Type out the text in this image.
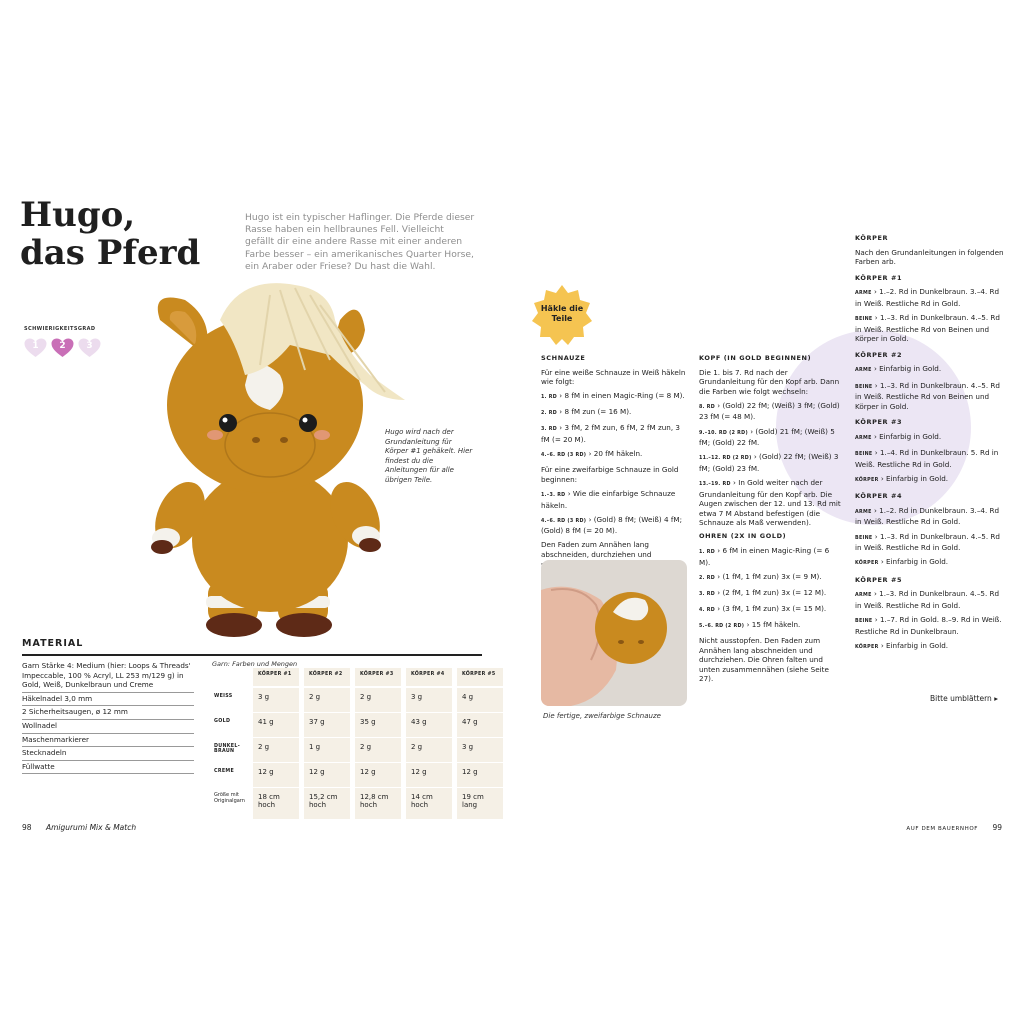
Hugo,
das Pferd

Hugo ist ein typischer Haflinger. Die Pferde dieser Rasse haben ein hellbraunes Fell. Vielleicht gefällt dir eine andere Rasse mit einer anderen Farbe besser – ein amerikanisches Quarter Horse, ein Araber oder Friese? Du hast die Wahl.

SCHWIERIGKEITSGRAD
1	2	3

Hugo wird nach der Grundanleitung für Körper #1 gehäkelt. Hier findest du die Anleitungen für alle übrigen Teile.

MATERIAL
Garn Stärke 4: Medium (hier: Loops & Threads' Impeccable, 100 % Acryl, LL 253 m/129 g) in Gold, Weiß, Dunkelbraun und Creme
Häkelnadel 3,0 mm
2 Sicherheitsaugen, ø 12 mm
Wollnadel
Maschenmarkierer
Stecknadeln
Füllwatte
Garn: Farben und Mengen
	KÖRPER #1		KÖRPER #2		KÖRPER #3		KÖRPER #4		KÖRPER #5
WEISS	3 g		2 g		2 g		3 g		4 g
GOLD	41 g		37 g		35 g		43 g		47 g
DUNKEL-BRAUN	2 g		1 g		2 g		2 g		3 g
CREME	12 g		12 g		12 g		12 g		12 g
Größe mit Originalgarn	18 cm hoch		15,2 cm hoch		12,8 cm hoch		14 cm hoch		19 cm lang
98 Amigurumi Mix & Match
Häkle die Teile
SCHNAUZE

Für eine weiße Schnauze in Weiß häkeln wie folgt:

1. RD › 8 fM in einen Magic-Ring (= 8 M).

2. RD › 8 fM zun (= 16 M).

3. RD › 3 fM, 2 fM zun, 6 fM, 2 fM zun, 3 fM (= 20 M).

4.–6. RD (3 RD) › 20 fM häkeln.

Für eine zweifarbige Schnauze in Gold beginnen:

1.–3. RD › Wie die einfarbige Schnauze häkeln.

4.–6. RD (3 RD) › (Gold) 8 fM; (Weiß) 4 fM; (Gold) 8 fM (= 20 M).

Den Faden zum Annähen lang abschneiden, durchziehen und

Die fertige, zweifarbige Schnauze
KOPF (IN GOLD BEGINNEN)

Die 1. bis 7. Rd nach der Grundanleitung für den Kopf arb. Dann die Farben wie folgt wechseln:

8. RD › (Gold) 22 fM; (Weiß) 3 fM; (Gold) 23 fM (= 48 M).

9.–10. RD (2 RD) › (Gold) 21 fM; (Weiß) 5 fM; (Gold) 22 fM.

11.–12. RD (2 RD) › (Gold) 22 fM; (Weiß) 3 fM; (Gold) 23 fM.

13.–19. RD › In Gold weiter nach der Grundanleitung für den Kopf arb. Die Augen zwischen der 12. und 13. Rd mit etwa 7 M Abstand befestigen (die Schnauze als Maß verwenden).

OHREN (2X IN GOLD)

1. RD › 6 fM in einen Magic-Ring (= 6 M).

2. RD › (1 fM, 1 fM zun) 3x (= 9 M).

3. RD › (2 fM, 1 fM zun) 3x (= 12 M).

4. RD › (3 fM, 1 fM zun) 3x (= 15 M).

5.–6. RD (2 RD) › 15 fM häkeln.

Nicht ausstopfen. Den Faden zum Annähen lang abschneiden und durchziehen. Die Ohren falten und unten zusammennähen (siehe Seite 27).

KÖRPER

Nach den Grundanleitungen in folgenden Farben arb.

KÖRPER #1

ARME › 1.–2. Rd in Dunkelbraun. 3.–4. Rd in Weiß. Restliche Rd in Gold.

BEINE › 1.–3. Rd in Dunkelbraun. 4.–5. Rd in Weiß. Restliche Rd von Beinen und Körper in Gold.

KÖRPER #2

ARME › Einfarbig in Gold.

BEINE › 1.–3. Rd in Dunkelbraun. 4.–5. Rd in Weiß. Restliche Rd von Beinen und Körper in Gold.

KÖRPER #3

ARME › Einfarbig in Gold.

BEINE › 1.–4. Rd in Dunkelbraun. 5. Rd in Weiß. Restliche Rd in Gold.

KÖRPER › Einfarbig in Gold.

KÖRPER #4

ARME › 1.–2. Rd in Dunkelbraun. 3.–4. Rd in Weiß. Restliche Rd in Gold.

BEINE › 1.–3. Rd in Dunkelbraun. 4.–5. Rd in Weiß. Restliche Rd in Gold.

KÖRPER › Einfarbig in Gold.

KÖRPER #5

ARME › 1.–3. Rd in Dunkelbraun. 4.–5. Rd in Weiß. Restliche Rd in Gold.

BEINE › 1.–7. Rd in Gold. 8.–9. Rd in Weiß. Restliche Rd in Dunkelbraun.

KÖRPER › Einfarbig in Gold.

Bitte umblättern ▸
AUF DEM BAUERNHOF 99
